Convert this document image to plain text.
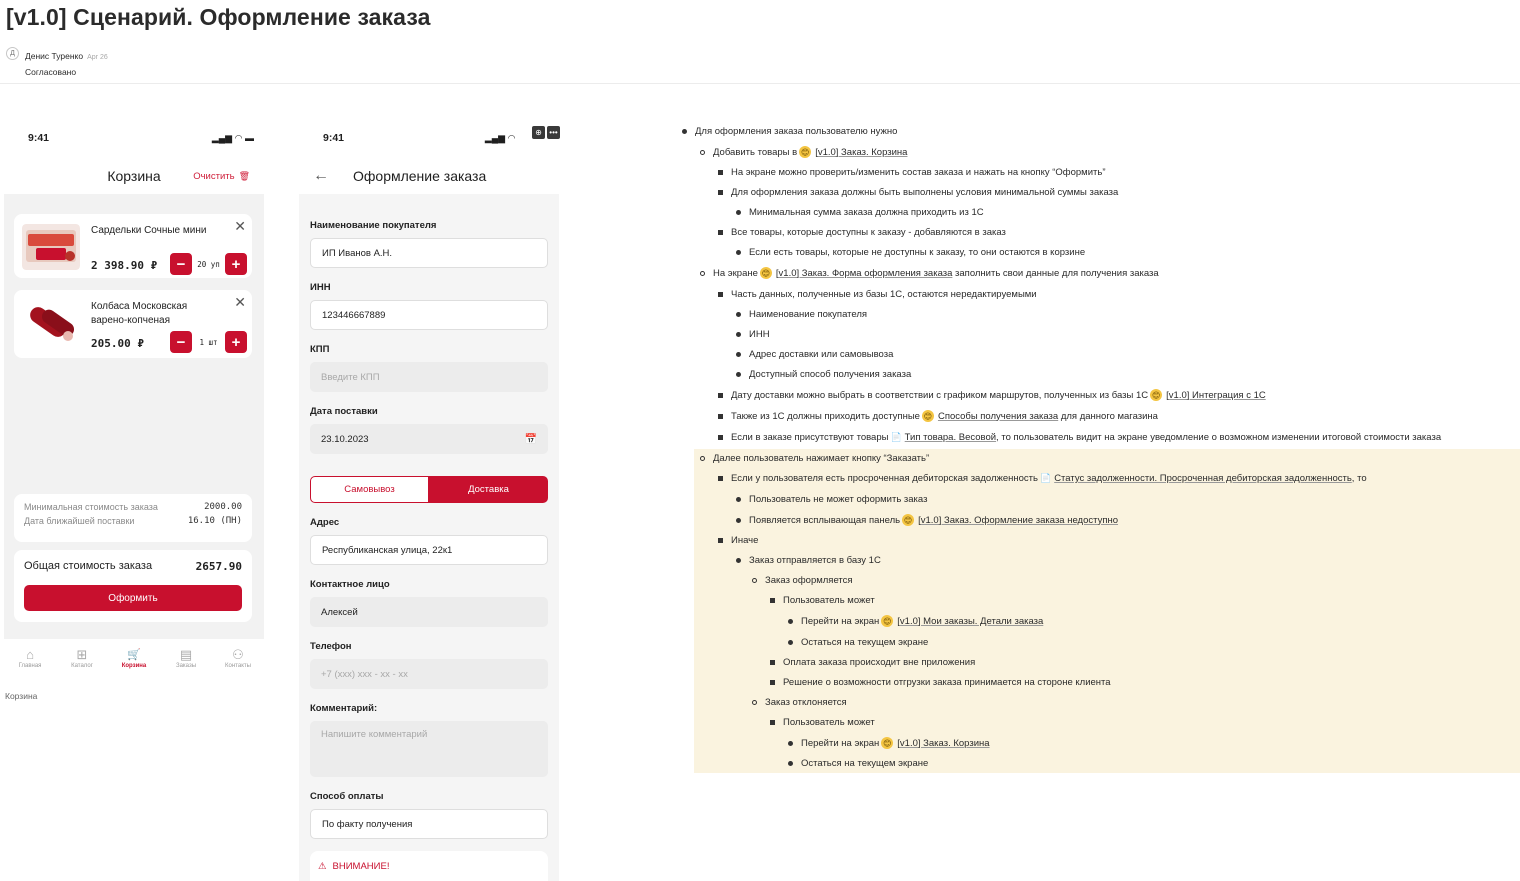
[v1.0] Сценарий. Оформление заказа
Д	Денис Туренко Apr 26
Согласовано
9:41	▂▄▆ ◠ ▬
Корзина	Очистить 🗑
Сардельки Сочные мини	✕
2 398.90 ₽	−	20 уп +
Колбаса Московская варено-копченая
✕
205.00 ₽	−	1 шт +
Минимальная стоимость заказа	2000.00
Дата ближайшей поставки	16.10 (ПН)
Общая стоимость заказа	2657.90
Оформить
⌂
Главная
⊞
Каталог
🛒
Корзина
▤
Заказы
⚇
Контакты
Корзина
9:41	▂▄▆ ◠
← Оформление заказа
Наименование покупателя
ИП Иванов А.Н.
ИНН
123446667889
КПП
Введите КПП
Дата поставки
23.10.2023	📅
Самовывоз	Доставка
Адрес
Республиканская улица, 22к1
Контактное лицо
Алексей
Телефон
+7 (xxx) xxx - xx - xx
Комментарий:
Напишите комментарий
Способ оплаты
По факту получения
⚠ ВНИМАНИЕ!
⊕ •••	Для оформления заказа пользователю нужно
Добавить товары в 😊 [v1.0] Заказ. Корзина
На экране можно проверить/изменить состав заказа и нажать на кнопку “Оформить”
Для оформления заказа должны быть выполнены условия минимальной суммы заказа
Минимальная сумма заказа должна приходить из 1С
Все товары, которые доступны к заказу - добавляются в заказ
Если есть товары, которые не доступны к заказу, то они остаются в корзине
На экране 😊 [v1.0] Заказ. Форма оформления заказа
заполнить свои данные для получения заказа
Часть данных, полученные из базы 1С, остаются нередактируемыми
Наименование покупателя
ИНН
Адрес доставки или самовывоза
Доступный способ получения заказа
Дату доставки можно выбрать в соответствии с графиком маршрутов, полученных из базы 1С 😊 [v1.0] Интеграция с 1С
Также из 1С должны приходить доступные 😊 Способы получения заказа
для данного магазина
Если в заказе присутствуют товары 📄 Тип товара. Весовой , то пользователь видит на экране уведомление о возможном изменении итоговой стоимости заказа
Далее пользователь нажимает кнопку “Заказать”
Если у пользователя есть просроченная дебиторская задолженность 📄 Статус задолженности. Просроченная дебиторская задолженность , то
Пользователь не может оформить заказ
Появляется всплывающая панель 😊 [v1.0] Заказ. Оформление заказа недоступно
Иначе
Заказ отправляется в базу 1С
Заказ оформляется
Пользователь может
Перейти на экран 😊 [v1.0] Мои заказы. Детали заказа
Остаться на текущем экране
Оплата заказа происходит вне приложения
Решение о возможности отгрузки заказа принимается на стороне клиента
Заказ отклоняется
Пользователь может
Перейти на экран 😊 [v1.0] Заказ. Корзина
Остаться на текущем экране
